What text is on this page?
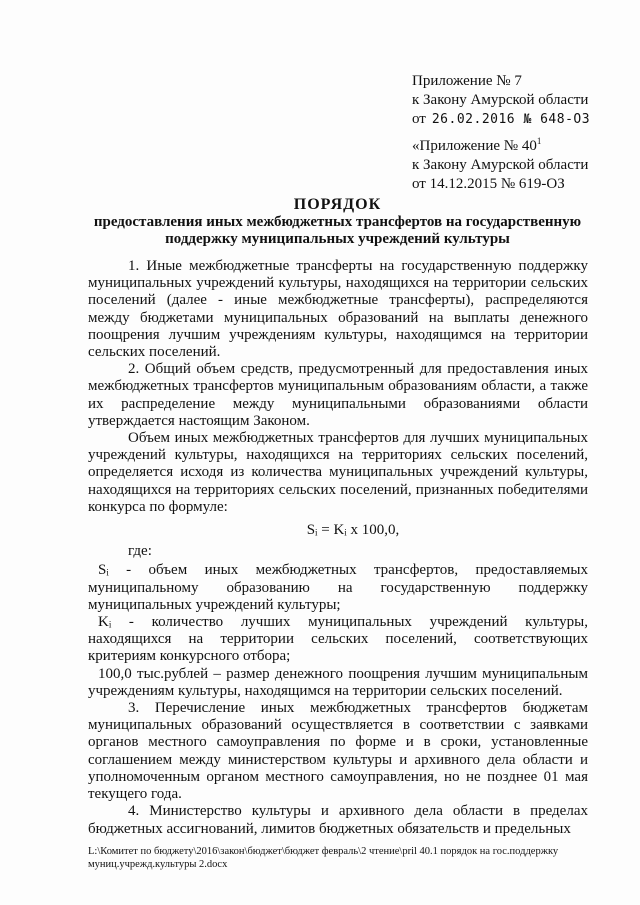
Приложение № 7
к Закону Амурской области
от 26.02.2016 № 648-ОЗ
«Приложение № $40^1$
к Закону Амурской области
от 14.12.2015 № 619-ОЗ
ПОРЯДОК
предоставления иных межбюджетных трансфертов на государственную поддержку муниципальных учреждений культуры

1. Иные межбюджетные трансферты на государственную поддержку муниципальных учреждений культуры, находящихся на территории сельских поселений (далее - иные межбюджетные трансферты), распределяются между бюджетами муниципальных образований на выплаты денежного поощрения лучшим учреждениям культуры, находящимся на территории сельских поселений.

2. Общий объем средств, предусмотренный для предоставления иных межбюджетных трансфертов муниципальным образованиям области, а также их распределение между муниципальными образованиями области утверждается настоящим Законом.

Объем иных межбюджетных трансфертов для лучших муниципальных учреждений культуры, находящихся на территориях сельских поселений, определяется исходя из количества муниципальных учреждений культуры, находящихся на территориях сельских поселений, признанных победителями конкурса по формуле:

Sᵢ = Kᵢ x 100,0,

где:

Sᵢ - объем иных межбюджетных трансфертов, предоставляемых муниципальному образованию на государственную поддержку муниципальных учреждений культуры;

Kᵢ - количество лучших муниципальных учреждений культуры, находящихся на территории сельских поселений, соответствующих критериям конкурсного отбора;

100,0 тыс.рублей – размер денежного поощрения лучшим муниципальным учреждениям культуры, находящимся на территории сельских поселений.

3. Перечисление иных межбюджетных трансфертов бюджетам муниципальных образований осуществляется в соответствии с заявками органов местного самоуправления по форме и в сроки, установленные соглашением между министерством культуры и архивного дела области и уполномоченным органом местного самоуправления, но не позднее 01 мая текущего года.

4. Министерство культуры и архивного дела области в пределах бюджетных ассигнований, лимитов бюджетных обязательств и предельных

L:\Комитет по бюджету\2016\закон\бюджет\бюджет февраль\2 чтение\pril 40.1 порядок на гос.поддержку муниц.учрежд.культуры 2.docx
